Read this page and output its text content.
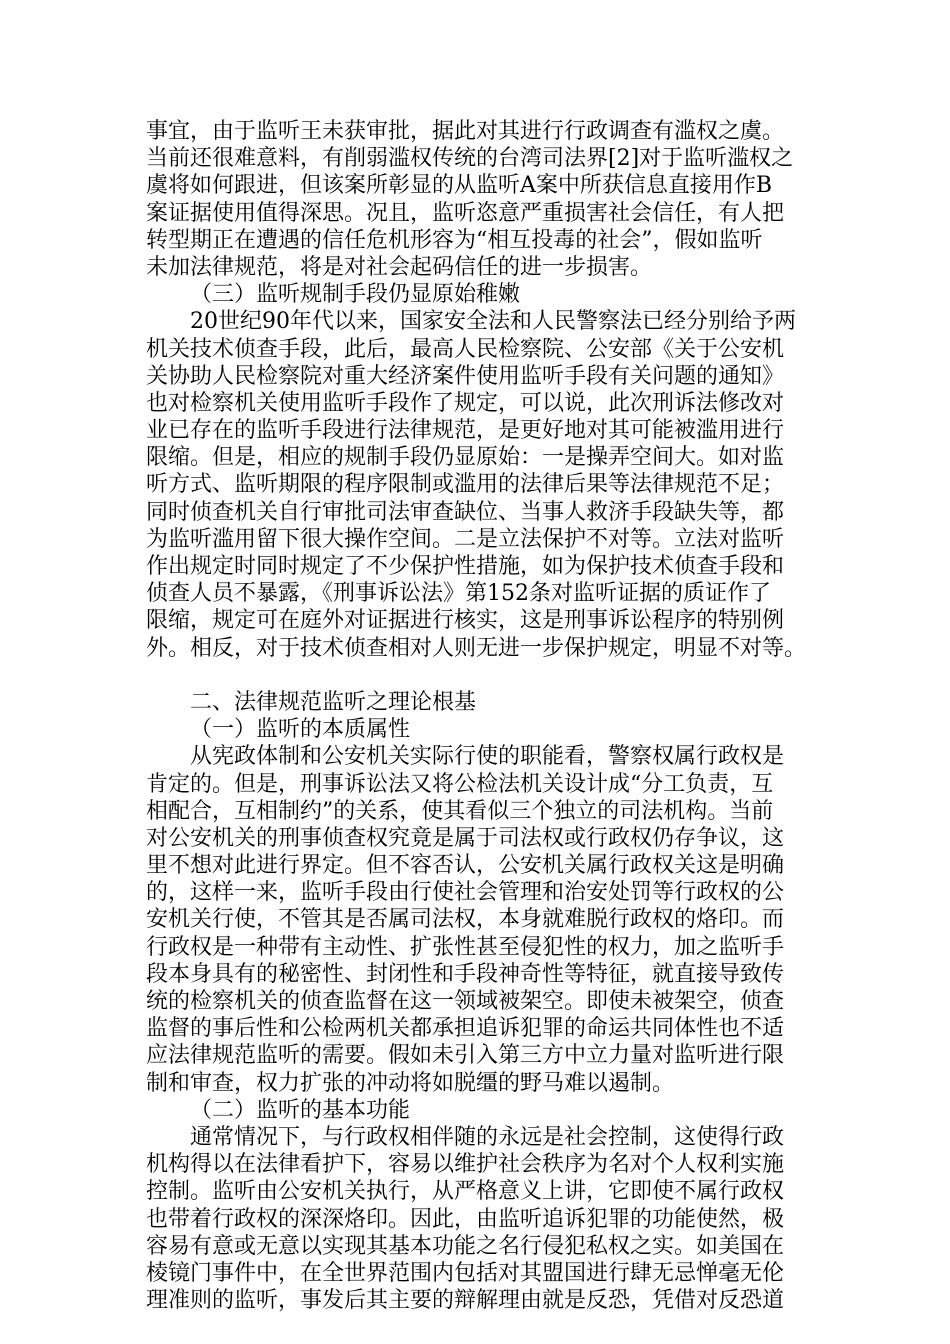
事宜，由于监听王未获审批，据此对其进行行政调查有滥权之虞。
当前还很难意料，有削弱滥权传统的台湾司法界[2]对于监听滥权之
虞将如何跟进，但该案所彰显的从监听A案中所获信息直接用作B
案证据使用值得深思。况且，监听恣意严重损害社会信任，有人把
转型期正在遭遇的信任危机形容为“相互投毒的社会”，假如监听
未加法律规范，将是对社会起码信任的进一步损害。
（三）监听规制手段仍显原始稚嫩
20世纪90年代以来，国家安全法和人民警察法已经分别给予两
机关技术侦查手段，此后，最高人民检察院、公安部《关于公安机
关协助人民检察院对重大经济案件使用监听手段有关问题的通知》
也对检察机关使用监听手段作了规定，可以说，此次刑诉法修改对
业已存在的监听手段进行法律规范，是更好地对其可能被滥用进行
限缩。但是，相应的规制手段仍显原始：一是操弄空间大。如对监
听方式、监听期限的程序限制或滥用的法律后果等法律规范不足；
同时侦查机关自行审批司法审查缺位、当事人救济手段缺失等，都
为监听滥用留下很大操作空间。二是立法保护不对等。立法对监听
作出规定时同时规定了不少保护性措施，如为保护技术侦查手段和
侦查人员不暴露，《刑事诉讼法》第152条对监听证据的质证作了
限缩，规定可在庭外对证据进行核实，这是刑事诉讼程序的特别例
外。相反，对于技术侦查相对人则无进一步保护规定，明显不对等。
二、法律规范监听之理论根基
（一）监听的本质属性
从宪政体制和公安机关实际行使的职能看，警察权属行政权是
肯定的。但是，刑事诉讼法又将公检法机关设计成“分工负责，互
相配合，互相制约”的关系，使其看似三个独立的司法机构。当前
对公安机关的刑事侦查权究竟是属于司法权或行政权仍存争议，这
里不想对此进行界定。但不容否认，公安机关属行政权关这是明确
的，这样一来，监听手段由行使社会管理和治安处罚等行政权的公
安机关行使，不管其是否属司法权，本身就难脱行政权的烙印。而
行政权是一种带有主动性、扩张性甚至侵犯性的权力，加之监听手
段本身具有的秘密性、封闭性和手段神奇性等特征，就直接导致传
统的检察机关的侦查监督在这一领域被架空。即使未被架空，侦查
监督的事后性和公检两机关都承担追诉犯罪的命运共同体性也不适
应法律规范监听的需要。假如未引入第三方中立力量对监听进行限
制和审查，权力扩张的冲动将如脱缰的野马难以遏制。
（二）监听的基本功能
通常情况下，与行政权相伴随的永远是社会控制，这使得行政
机构得以在法律看护下，容易以维护社会秩序为名对个人权利实施
控制。监听由公安机关执行，从严格意义上讲，它即使不属行政权
也带着行政权的深深烙印。因此，由监听追诉犯罪的功能使然，极
容易有意或无意以实现其基本功能之名行侵犯私权之实。如美国在
棱镜门事件中，在全世界范围内包括对其盟国进行肆无忌惮毫无伦
理准则的监听，事发后其主要的辩解理由就是反恐，凭借对反恐道
